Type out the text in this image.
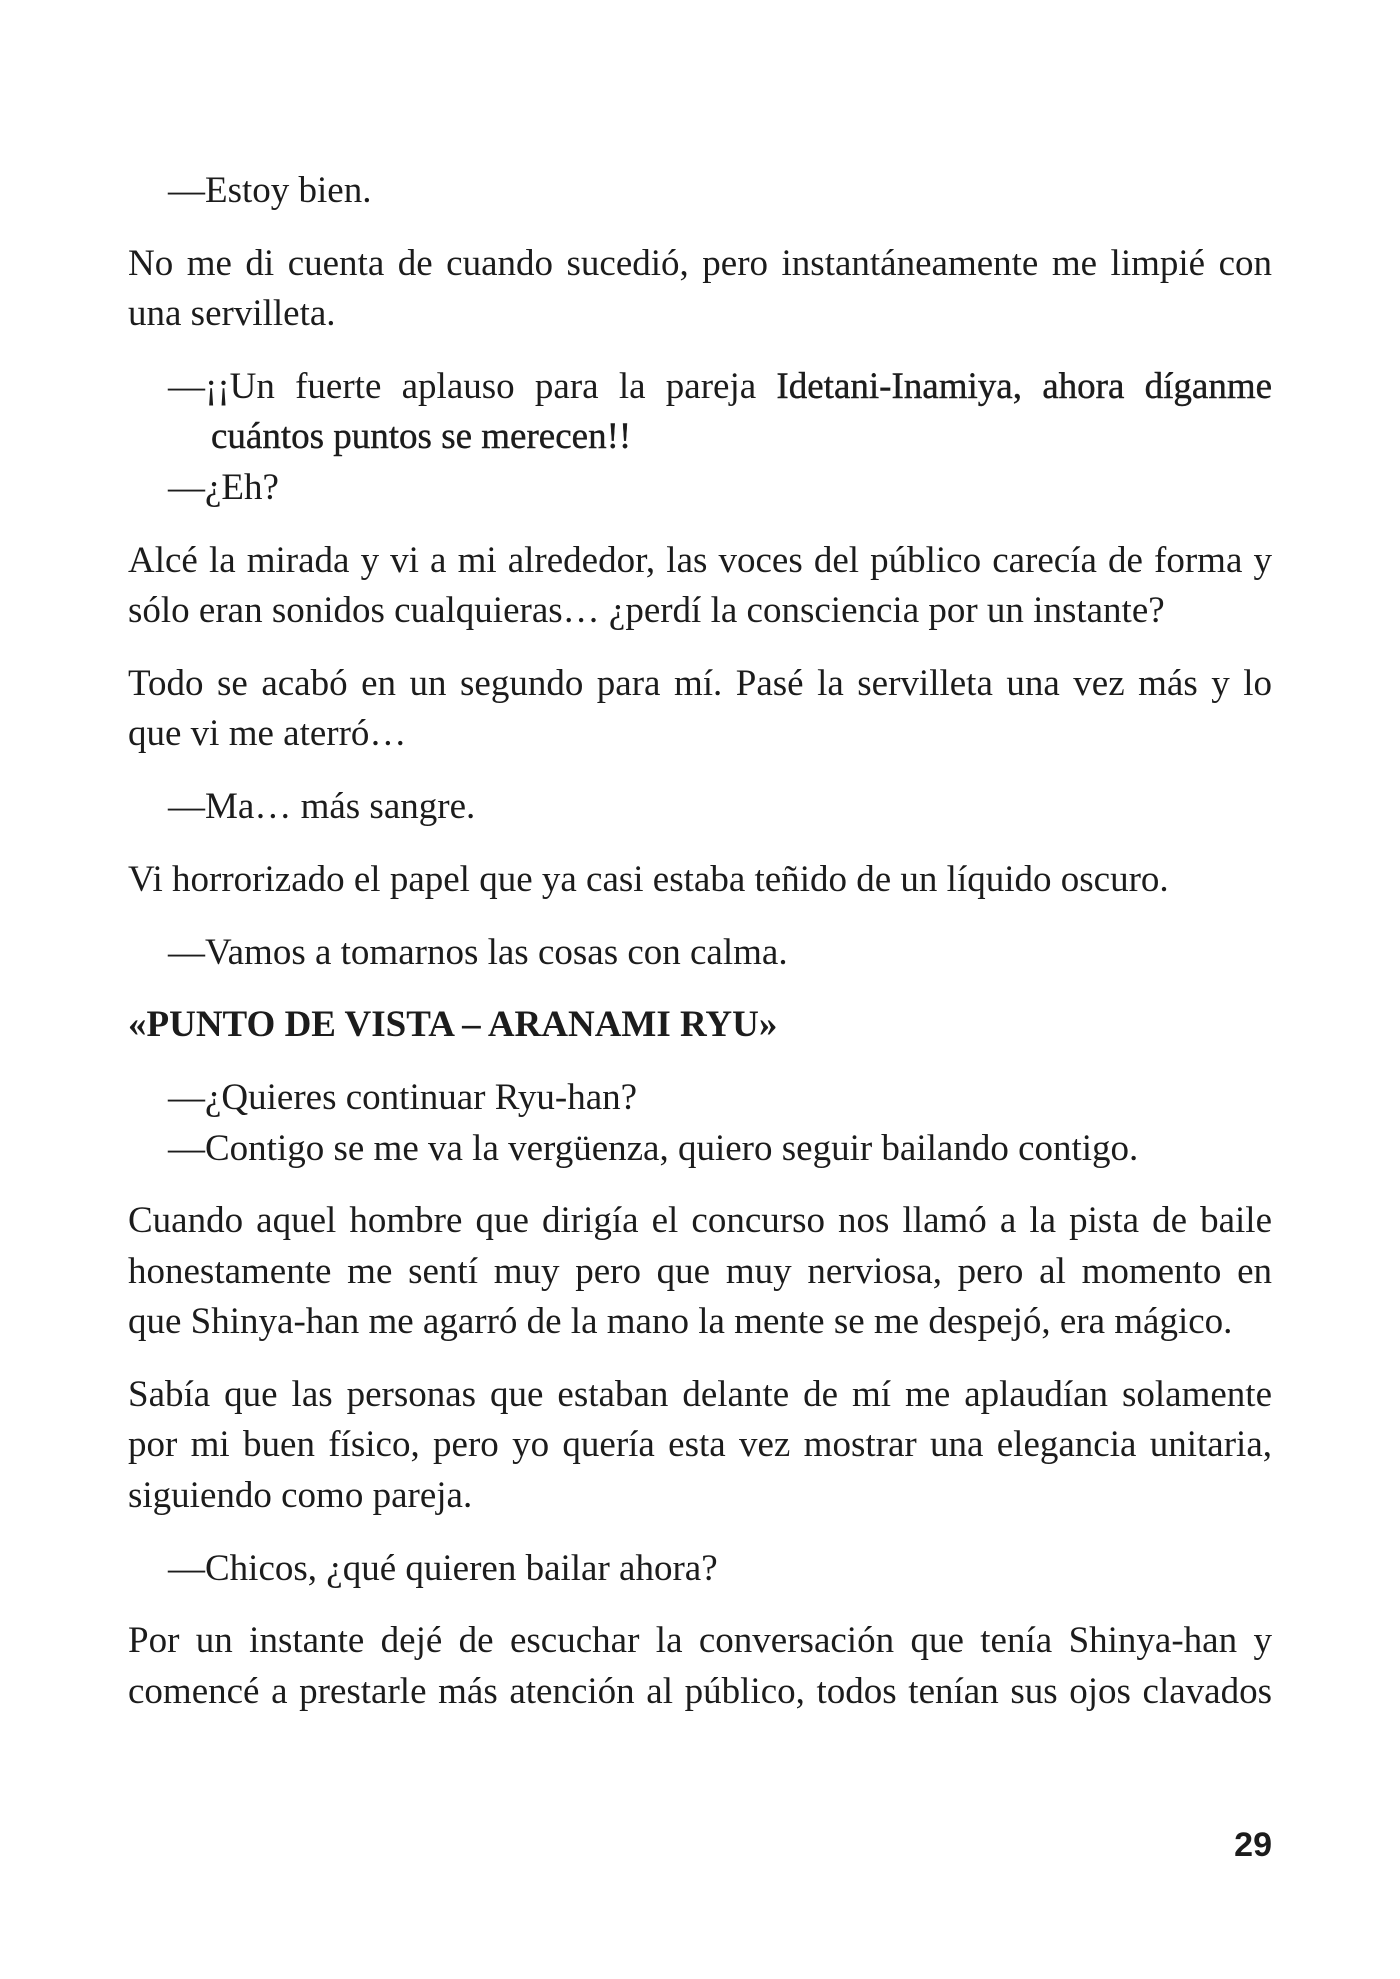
—Estoy bien.
No me di cuenta de cuando sucedió, pero instantáneamente me limpié con
una servilleta.
—¡¡Un fuerte aplauso para la pareja Idetani-Inamiya, ahora díganme
cuántos puntos se merecen!!
—¿Eh?
Alcé la mirada y vi a mi alrededor, las voces del público carecía de forma y
sólo eran sonidos cualquieras… ¿perdí la consciencia por un instante?
Todo se acabó en un segundo para mí. Pasé la servilleta una vez más y lo
que vi me aterró…
—Ma… más sangre.
Vi horrorizado el papel que ya casi estaba teñido de un líquido oscuro.
—Vamos a tomarnos las cosas con calma.
«PUNTO DE VISTA – ARANAMI RYU»
—¿Quieres continuar Ryu-han?
—Contigo se me va la vergüenza, quiero seguir bailando contigo.
Cuando aquel hombre que dirigía el concurso nos llamó a la pista de baile
honestamente me sentí muy pero que muy nerviosa, pero al momento en
que Shinya-han me agarró de la mano la mente se me despejó, era mágico.
Sabía que las personas que estaban delante de mí me aplaudían solamente
por mi buen físico, pero yo quería esta vez mostrar una elegancia unitaria,
siguiendo como pareja.
—Chicos, ¿qué quieren bailar ahora?
Por un instante dejé de escuchar la conversación que tenía Shinya-han y
comencé a prestarle más atención al público, todos tenían sus ojos clavados
29
